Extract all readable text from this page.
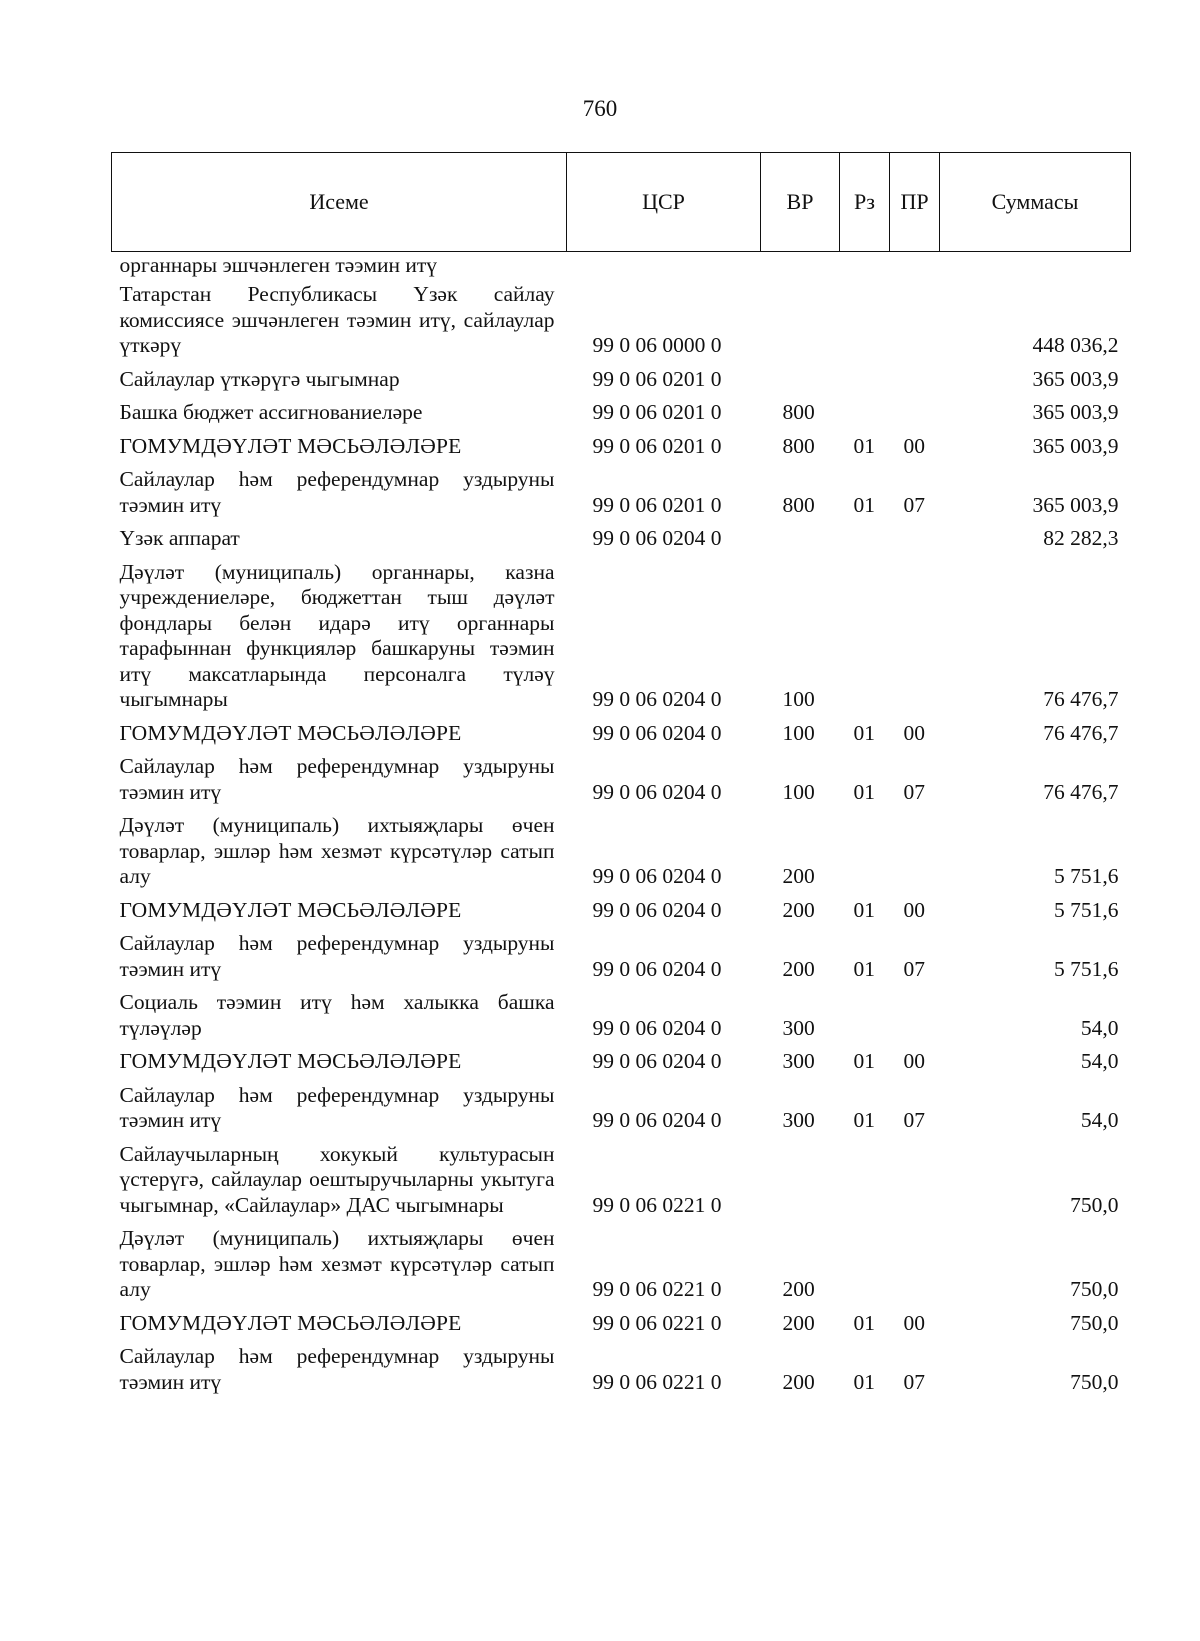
760
Исеме	ЦСР	ВР	Рз	ПР	Суммасы
органнары эшчәнлеген тәэмин итү					
Татарстан Республикасы Үзәк сайлау комиссиясе эшчәнлеген тәэмин итү, сайлаулар үткәрү	99 0 06 0000 0				448 036,2
Сайлаулар үткәрүгә чыгымнар	99 0 06 0201 0				365 003,9
Башка бюджет ассигнованиеләре	99 0 06 0201 0	800			365 003,9
ГОМУМДӘҮЛӘТ МӘСЬӘЛӘЛӘРЕ	99 0 06 0201 0	800	01	00	365 003,9
Сайлаулар һәм референдумнар уздыруны тәэмин итү	99 0 06 0201 0	800	01	07	365 003,9
Үзәк аппарат	99 0 06 0204 0				82 282,3
Дәүләт (муниципаль) органнары, казна учреждениеләре, бюджеттан тыш дәүләт фондлары белән идарә итү органнары тарафыннан функцияләр башкаруны тәэмин итү максатларында персоналга түләү чыгымнары	99 0 06 0204 0	100			76 476,7
ГОМУМДӘҮЛӘТ МӘСЬӘЛӘЛӘРЕ	99 0 06 0204 0	100	01	00	76 476,7
Сайлаулар һәм референдумнар уздыруны тәэмин итү	99 0 06 0204 0	100	01	07	76 476,7
Дәүләт (муниципаль) ихтыяҗлары өчен товарлар, эшләр һәм хезмәт күрсәтүләр сатып алу	99 0 06 0204 0	200			5 751,6
ГОМУМДӘҮЛӘТ МӘСЬӘЛӘЛӘРЕ	99 0 06 0204 0	200	01	00	5 751,6
Сайлаулар һәм референдумнар уздыруны тәэмин итү	99 0 06 0204 0	200	01	07	5 751,6
Социаль тәэмин итү һәм халыкка башка түләүләр	99 0 06 0204 0	300			54,0
ГОМУМДӘҮЛӘТ МӘСЬӘЛӘЛӘРЕ	99 0 06 0204 0	300	01	00	54,0
Сайлаулар һәм референдумнар уздыруны тәэмин итү	99 0 06 0204 0	300	01	07	54,0
Сайлаучыларның хокукый культурасын үстерүгә, сайлаулар оештыручыларны укытуга чыгымнар, «Сайлаулар» ДАС чыгымнары	99 0 06 0221 0				750,0
Дәүләт (муниципаль) ихтыяҗлары өчен товарлар, эшләр һәм хезмәт күрсәтүләр сатып алу	99 0 06 0221 0	200			750,0
ГОМУМДӘҮЛӘТ МӘСЬӘЛӘЛӘРЕ	99 0 06 0221 0	200	01	00	750,0
Сайлаулар һәм референдумнар уздыруны тәэмин итү	99 0 06 0221 0	200	01	07	750,0
